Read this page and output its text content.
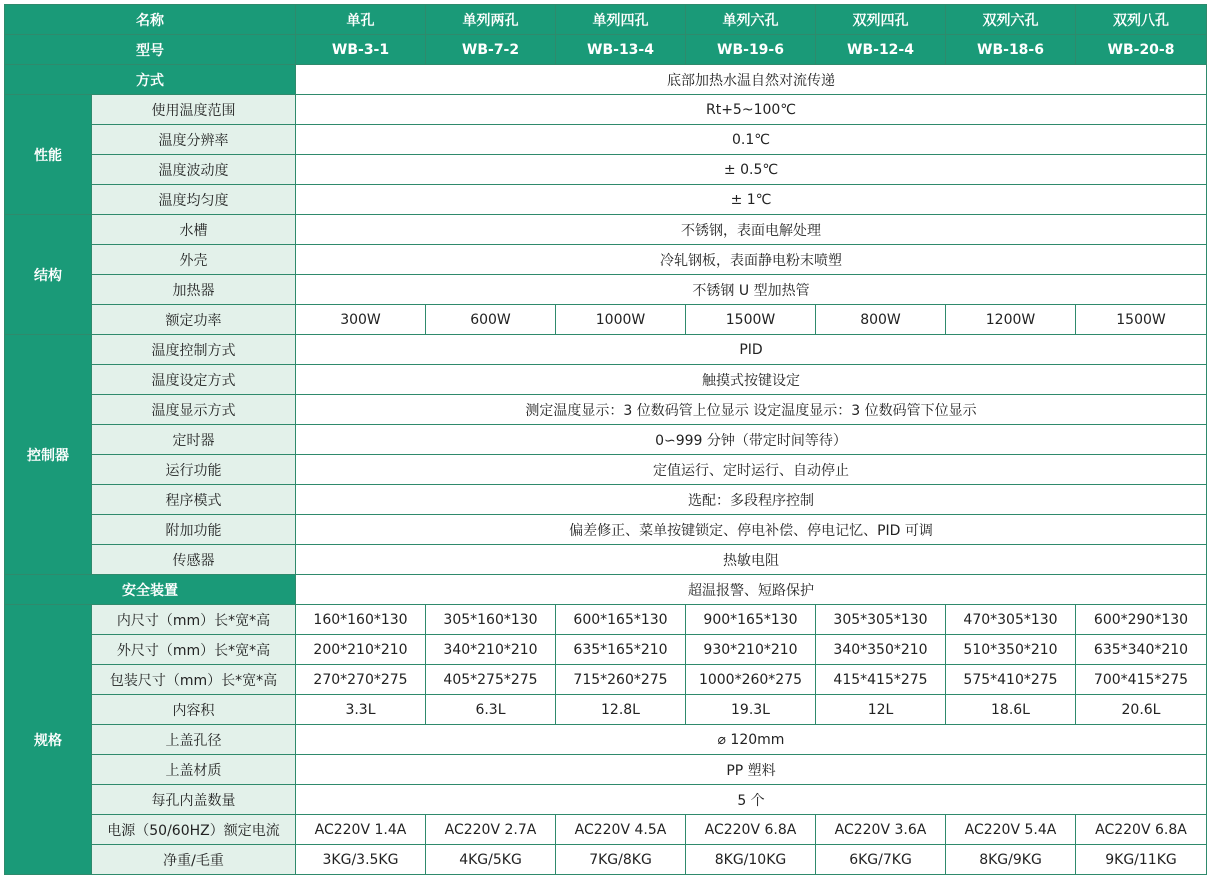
名称		单孔	单列两孔	单列四孔	单列六孔	双列四孔	双列六孔	双列八孔
型号		WB-3-1	WB-7-2	WB-13-4	WB-19-6	WB-12-4	WB-18-6	WB-20-8
方式		底部加热水温自然对流传递						
性能	使用温度范围	Rt+5~100℃						
	温度分辨率	0.1℃						
	温度波动度	± 0.5℃						
	温度均匀度	± 1℃						
结构	水槽	不锈钢，表面电解处理						
	外壳	冷轧钢板，表面静电粉末喷塑						
	加热器	不锈钢 U 型加热管						
	额定功率	300W	600W	1000W	1500W	800W	1200W	1500W
控制器	温度控制方式	PID						
	温度设定方式	触摸式按键设定						
	温度显示方式	测定温度显示：3 位数码管上位显示 设定温度显示：3 位数码管下位显示						
	定时器	0∽999 分钟（带定时间等待）						
	运行功能	定值运行、定时运行、自动停止						
	程序模式	选配：多段程序控制						
	附加功能	偏差修正、菜单按键锁定、停电补偿、停电记忆、PID 可调						
	传感器	热敏电阻						
安全装置		超温报警、短路保护						
规格	内尺寸（mm）长*宽*高	160*160*130	305*160*130	600*165*130	900*165*130	305*305*130	470*305*130	600*290*130
	外尺寸（mm）长*宽*高	200*210*210	340*210*210	635*165*210	930*210*210	340*350*210	510*350*210	635*340*210
	包装尺寸（mm）长*宽*高	270*270*275	405*275*275	715*260*275	1000*260*275	415*415*275	575*410*275	700*415*275
	内容积	3.3L	6.3L	12.8L	19.3L	12L	18.6L	20.6L
	上盖孔径	⌀ 120mm						
	上盖材质	PP 塑料						
	每孔内盖数量	5 个						
	电源（50/60HZ）额定电流	AC220V 1.4A	AC220V 2.7A	AC220V 4.5A	AC220V 6.8A	AC220V 3.6A	AC220V 5.4A	AC220V 6.8A
	净重/毛重	3KG/3.5KG	4KG/5KG	7KG/8KG	8KG/10KG	6KG/7KG	8KG/9KG	9KG/11KG
